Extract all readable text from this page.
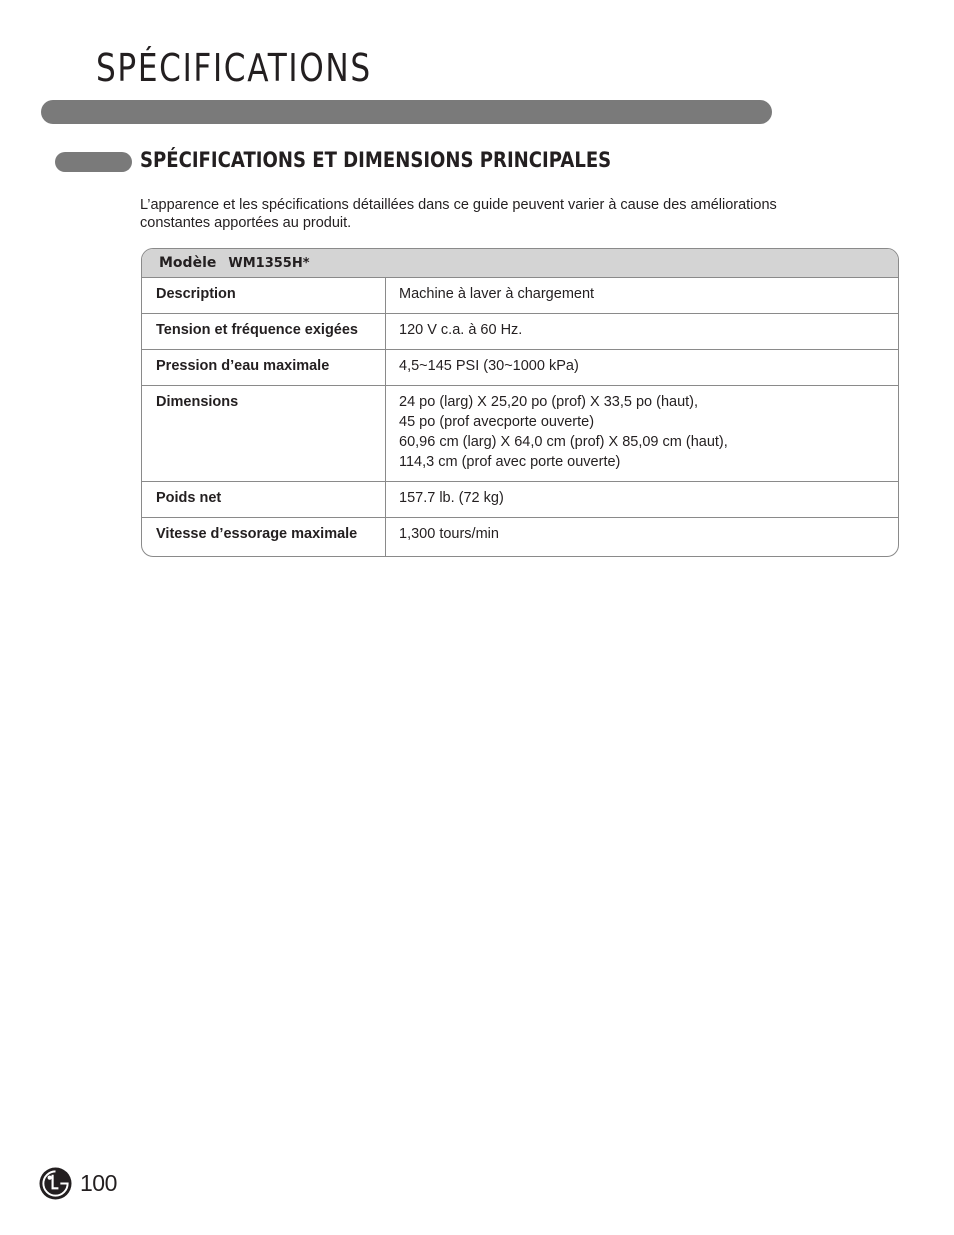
SPÉCIFICATIONS
SPÉCIFICATIONS ET DIMENSIONS PRINCIPALES

L’apparence et les spécifications détaillées dans ce guide peuvent varier à cause des améliorations
constantes apportées au produit.

Modèle WM1355H*
Description	Machine à laver à chargement
Tension et fréquence exigées	120 V c.a. à 60 Hz.
Pression d’eau maximale	4,5~145 PSI (30~1000 kPa)
Dimensions	24 po (larg) X 25,20 po (prof) X 33,5 po (haut),
45 po (prof avecporte ouverte)
60,96 cm (larg) X 64,0 cm (prof) X 85,09 cm (haut),
114,3 cm (prof avec porte ouverte)
Poids net	157.7 lb. (72 kg)
Vitesse d’essorage maximale	1,300 tours/min
100
